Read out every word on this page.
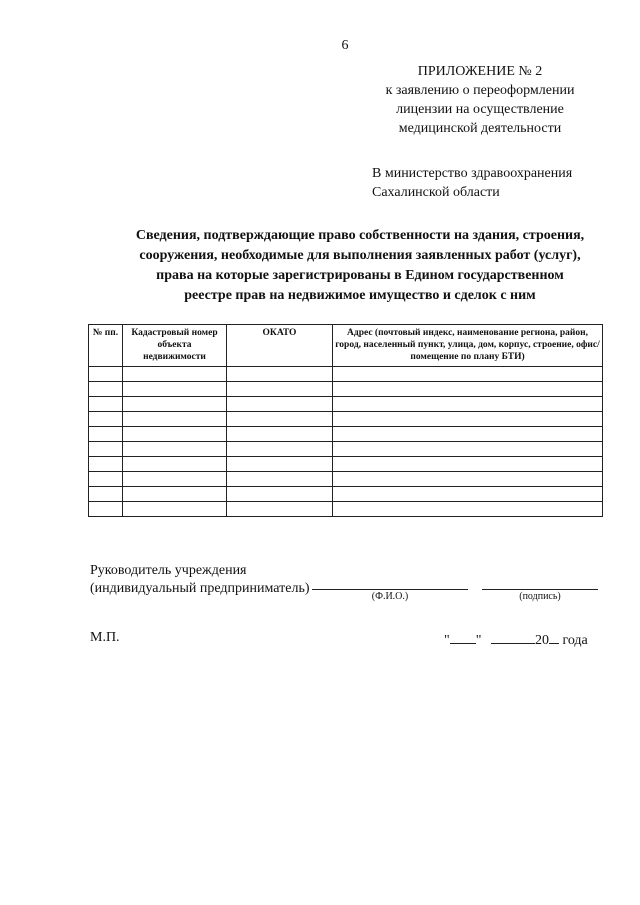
6
ПРИЛОЖЕНИЕ № 2
к заявлению о переоформлении
лицензии на осуществление
медицинской деятельности
В министерство здравоохранения
Сахалинской области
Сведения, подтверждающие право собственности на здания, строения,
сооружения, необходимые для выполнения заявленных работ (услуг),
права на которые зарегистрированы в Едином государственном
реестре прав на недвижимое имущество и сделок с ним
№ пп.	Кадастровый номер объекта недвижимости	ОКАТО	Адрес (почтовый индекс, наименование региона, район, город, населенный пункт, улица, дом, корпус, строение, офис/помещение по плану БТИ)

Руководитель учреждения
(индивидуальный предприниматель)
(Ф.И.О.)	(подпись)
М.П.	" "	20 года
